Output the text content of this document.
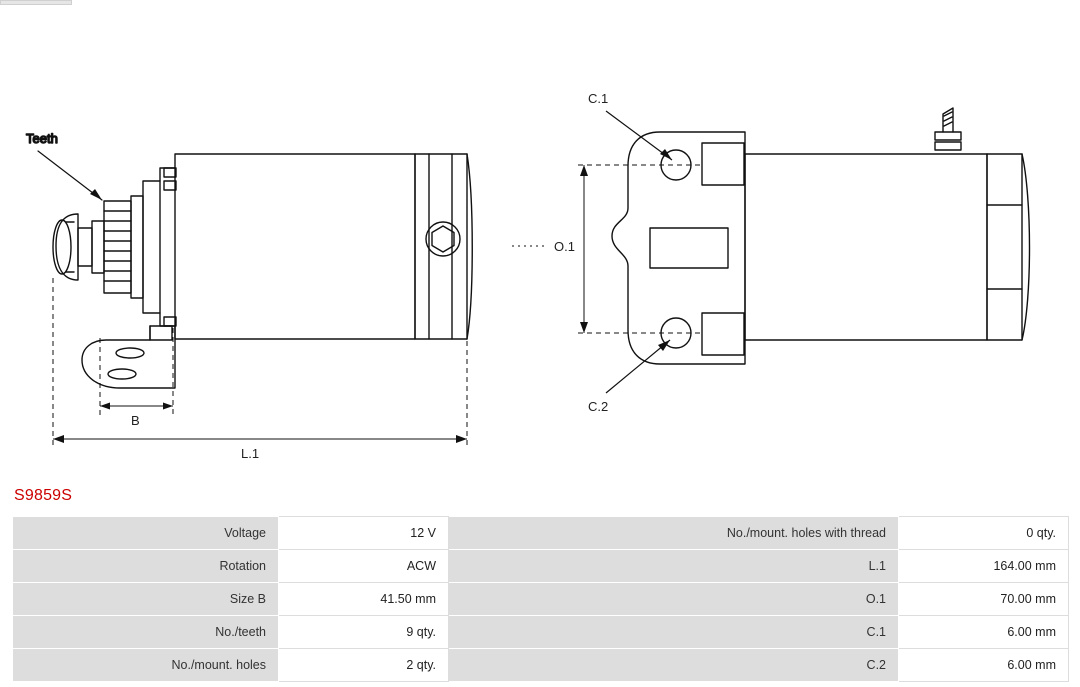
Teeth
B
L.1
O.1
C.1
C.2
S9859S
Voltage	12 V	No./mount. holes with thread	0 qty.
Rotation	ACW	L.1	164.00 mm
Size B	41.50 mm	O.1	70.00 mm
No./teeth	9 qty.	C.1	6.00 mm
No./mount. holes	2 qty.	C.2	6.00 mm
